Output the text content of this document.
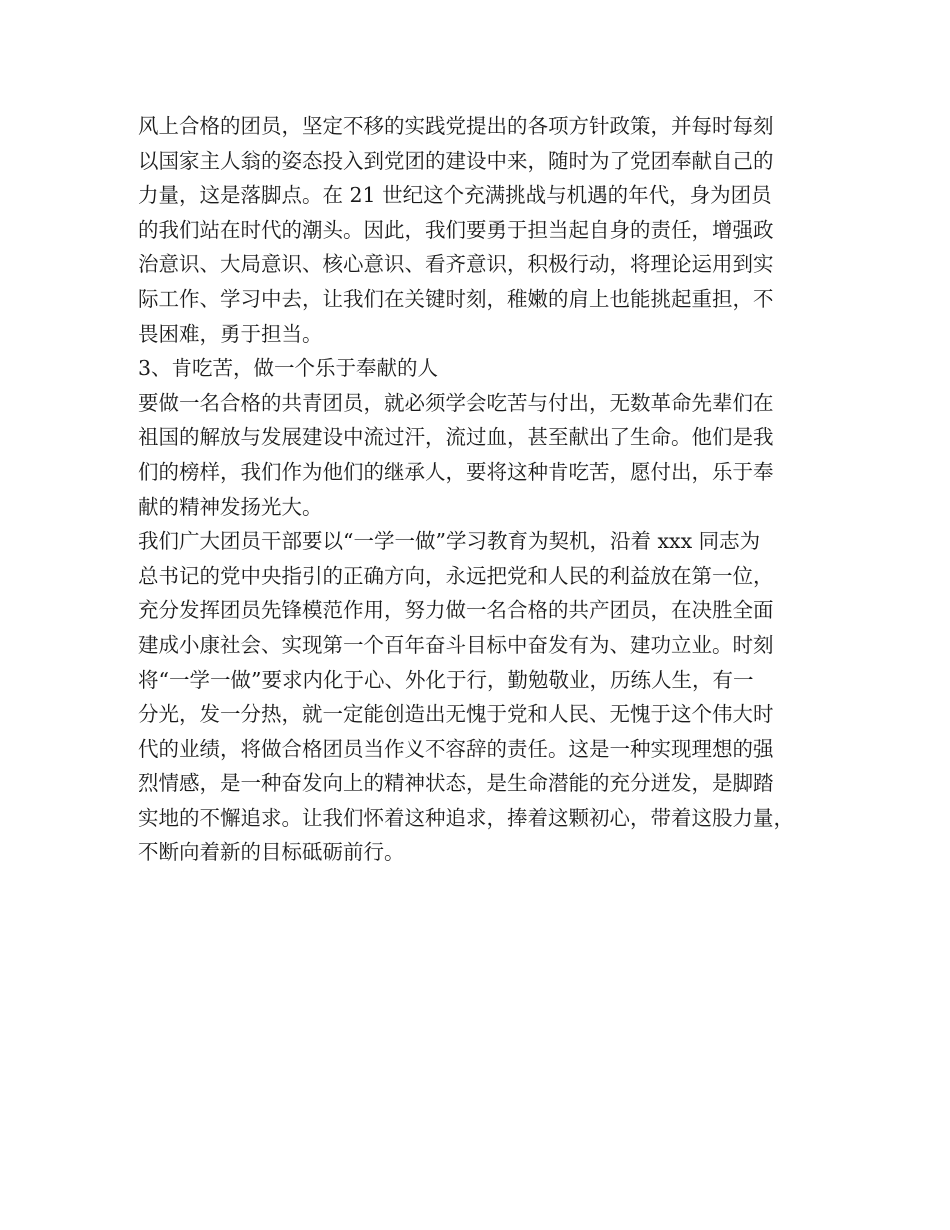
风上合格的团员，坚定不移的实践党提出的各项方针政策，并每时每刻
以国家主人翁的姿态投入到党团的建设中来，随时为了党团奉献自己的
力量，这是落脚点。在 21 世纪这个充满挑战与机遇的年代，身为团员
的我们站在时代的潮头。因此，我们要勇于担当起自身的责任，增强政
治意识、大局意识、核心意识、看齐意识，积极行动，将理论运用到实
际工作、学习中去，让我们在关键时刻，稚嫩的肩上也能挑起重担，不
畏困难，勇于担当。
3、肯吃苦，做一个乐于奉献的人
要做一名合格的共青团员，就必须学会吃苦与付出，无数革命先辈们在
祖国的解放与发展建设中流过汗，流过血，甚至献出了生命。他们是我
们的榜样，我们作为他们的继承人，要将这种肯吃苦，愿付出，乐于奉
献的精神发扬光大。
我们广大团员干部要以“一学一做”学习教育为契机，沿着 xxx 同志为
总书记的党中央指引的正确方向，永远把党和人民的利益放在第一位，
充分发挥团员先锋模范作用，努力做一名合格的共产团员，在决胜全面
建成小康社会、实现第一个百年奋斗目标中奋发有为、建功立业。时刻
将“一学一做”要求内化于心、外化于行，勤勉敬业，历练人生，有一
分光，发一分热，就一定能创造出无愧于党和人民、无愧于这个伟大时
代的业绩，将做合格团员当作义不容辞的责任。这是一种实现理想的强
烈情感，是一种奋发向上的精神状态，是生命潜能的充分迸发，是脚踏
实地的不懈追求。让我们怀着这种追求，捧着这颗初心，带着这股力量，
不断向着新的目标砥砺前行。
